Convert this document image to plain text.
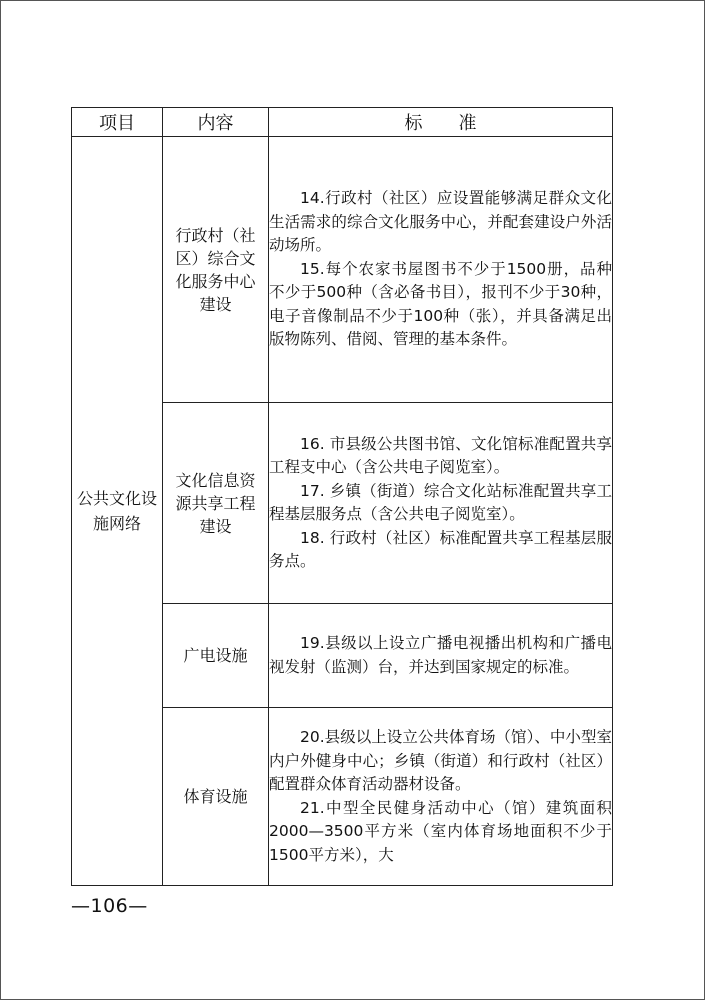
项目	内容	标　　准

公共文化设施网络	行政村（社区）综合文化服务中心建设	14.行政村（社区）应设置能够满足群众文化生活需求的综合文化服务中心，并配套建设户外活动场所。

15.每个农家书屋图书不少于1500册，品种不少于500种（含必备书目），报刊不少于30种，电子音像制品不少于100种（张），并具备满足出版物陈列、借阅、管理的基本条件。

	文化信息资源共享工程建设	16. 市县级公共图书馆、文化馆标准配置共享工程支中心（含公共电子阅览室）。

17. 乡镇（街道）综合文化站标准配置共享工程基层服务点（含公共电子阅览室）。

18. 行政村（社区）标准配置共享工程基层服务点。

	广电设施	19.县级以上设立广播电视播出机构和广播电视发射（监测）台，并达到国家规定的标准。

	体育设施	20.县级以上设立公共体育场（馆）、中小型室内户外健身中心；乡镇（街道）和行政村（社区）配置群众体育活动器材设备。

21.中型全民健身活动中心（馆）建筑面积2000—3500平方米（室内体育场地面积不少于1500平方米），大

—106—
